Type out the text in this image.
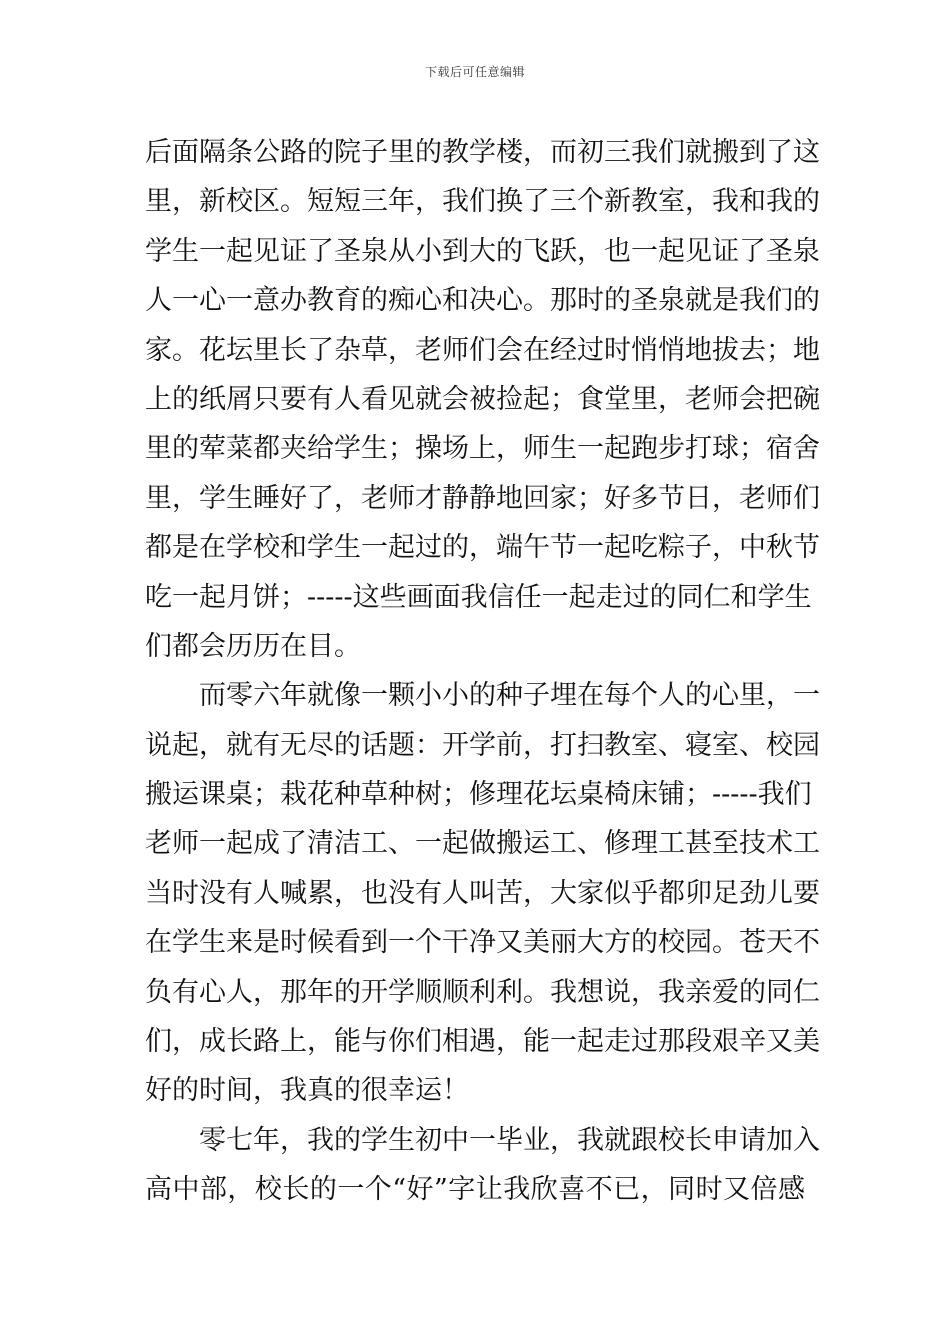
下载后可任意编辑
后面隔条公路的院子里的教学楼，而初三我们就搬到了这
里，新校区。短短三年，我们换了三个新教室，我和我的
学生一起见证了圣泉从小到大的飞跃，也一起见证了圣泉
人一心一意办教育的痴心和决心。那时的圣泉就是我们的
家。花坛里长了杂草，老师们会在经过时悄悄地拔去；地
上的纸屑只要有人看见就会被捡起；食堂里，老师会把碗
里的荤菜都夹给学生；操场上，师生一起跑步打球；宿舍
里，学生睡好了，老师才静静地回家；好多节日，老师们
都是在学校和学生一起过的，端午节一起吃粽子，中秋节
吃一起月饼；-----这些画面我信任一起走过的同仁和学生
们都会历历在目。
而零六年就像一颗小小的种子埋在每个人的心里，一
说起，就有无尽的话题：开学前，打扫教室、寝室、校园
搬运课桌；栽花种草种树；修理花坛桌椅床铺；-----我们
老师一起成了清洁工、一起做搬运工、修理工甚至技术工
当时没有人喊累，也没有人叫苦，大家似乎都卯足劲儿要
在学生来是时候看到一个干净又美丽大方的校园。苍天不
负有心人，那年的开学顺顺利利。我想说，我亲爱的同仁
们，成长路上，能与你们相遇，能一起走过那段艰辛又美
好的时间，我真的很幸运！
零七年，我的学生初中一毕业，我就跟校长申请加入
高中部，校长的一个“好”字让我欣喜不已，同时又倍感
